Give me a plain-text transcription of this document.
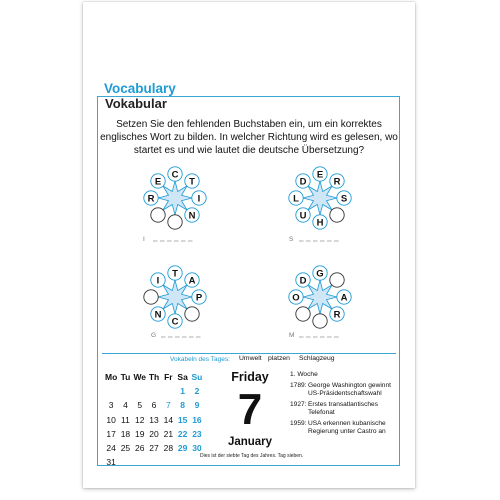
Vocabulary
Vokabular
Setzen Sie den fehlenden Buchstaben ein, um ein korrektes englisches Wort zu bilden. In welcher Richtung wird es gelesen, wo startet es und wie lautet die deutsche Übersetzung?
C
T
I
N
R
E
I
E
R
S
H
U
L
D
S
T
A
P
C
N
I
G
G
A
R
O
D
M
Vokabeln des Tages: Umwelt platzen Schlagzeug
Mo	Tu	We	Th	Fr	Sa	Su
					1	2
3	4	5	6	7	8	9
10	11	12	13	14	15	16
17	18	19	20	21	22	23
24	25	26	27	28	29	30
31						
Friday
7
January
1. Woche
1789: George Washington gewinnt US-Präsidentschaftswahl
1927: Erstes transatlantisches Telefonat
1959: USA erkennen kubanische Regierung unter Castro an
Dies ist der siebte Tag des Jahres. Tag sieben.
